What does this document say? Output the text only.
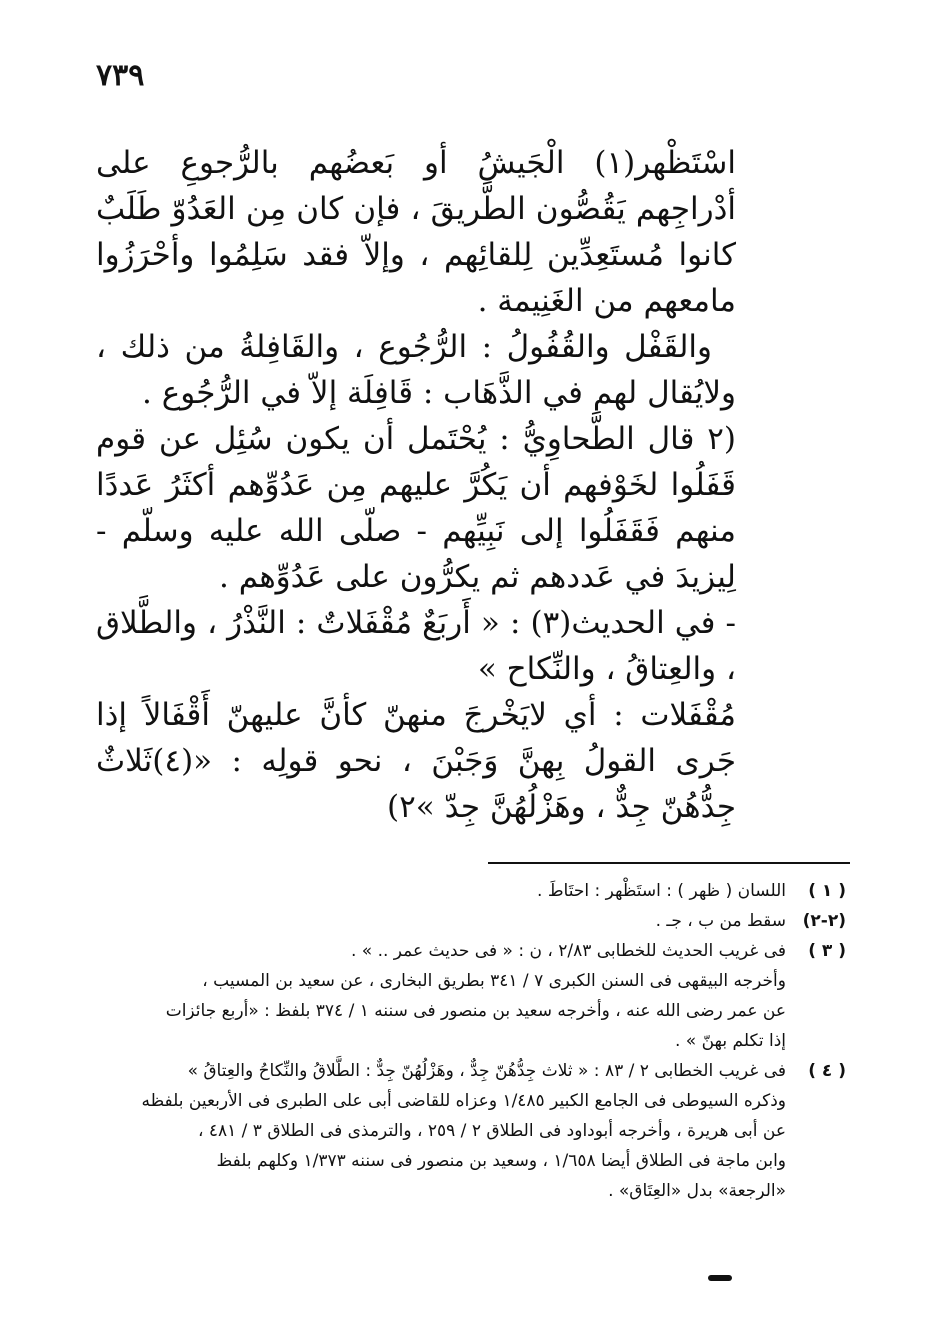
٧٣٩

اسْتَظْهر(١) الْجَيشُ أو بَعضُهم بالرُّجوعِ على أدْراجِهم يَقُصُّون الطَّريقَ ، فإن كان مِن العَدُوّ طَلَبٌ كانوا مُستَعِدِّين لِلقائِهم ، وإلاّ فقد سَلِمُوا وأحْرَزُوا مامعهم من الغَنِيمة .

والقَفْل والقُفُولُ : الرُّجُوع ، والقَافِلةُ من ذلك ، ولايُقال لهم في الذَّهَاب : قَافِلَة إلاّ في الرُّجُوع .

(٢ قال الطَّحاوِيُّ : يُحْتَمل أن يكون سُئِل عن قوم قَفَلُوا لخَوْفهم أن يَكُرَّ عليهم مِن عَدُوِّهم أكثَرُ عَددًا منهم فَقَفَلُوا إلى نَبِيِّهم - صلّى الله عليه وسلّم - لِيزيدَ في عَددهم ثم يكرُّون على عَدُوِّهم .

- في الحديث(٣) : « أَربَعٌ مُقْفَلاتٌ : النَّذْرُ ، والطَّلاق ، والعِتاقُ ، والنِّكاح »

مُقْفَلات : أي لايَخْرجَ منهنّ كأنَّ عليهنّ أَقْفَالاً إذا جَرى القولُ بِهنَّ وَجَبْنَ ، نحو قولِه : «(٤)ثَلاثٌ جِدُّهُنّ جِدٌّ ، وهَزْلُهُنَّ جِدّ »٢)

( ١ )
اللسان ( ظهر ) : استَظْهر : احتَاطَ .
(٢-٢)
سقط من ب ، جـ .
( ٣ )
فى غريب الحديث للخطابى ٢/٨٣ ، ن : « فى حديث عمر .. » .
وأخرجه البيقهى فى السنن الكبرى ٧ / ٣٤١ بطريق البخارى ، عن سعيد بن المسيب ،
عن عمر رضى الله عنه ، وأخرجه سعيد بن منصور فى سننه ١ / ٣٧٤ بلفظ : «أربع جائزات
إذا تكلم بهنّ » .
( ٤ )
فى غريب الخطابى ٢ / ٨٣ : « ثلاث جِدُّهُنّ جِدٌّ ، وهَزْلُهُنّ جِدٌّ : الطَّلاقُ والنِّكاحُ والعِتاقُ »
وذكره السيوطى فى الجامع الكبير ١/٤٨٥ وعزاه للقاضى أبى على الطبرى فى الأربعين بلفظه
عن أبى هريرة ، وأخرجه أبوداود فى الطلاق ٢ / ٢٥٩ ، والترمذى فى الطلاق ٣ / ٤٨١ ،
وابن ماجة فى الطلاق أيضا ١/٦٥٨ ، وسعيد بن منصور فى سننه ١/٣٧٣ وكلهم بلفظ
«الرجعة» بدل «العِتَاق» .
